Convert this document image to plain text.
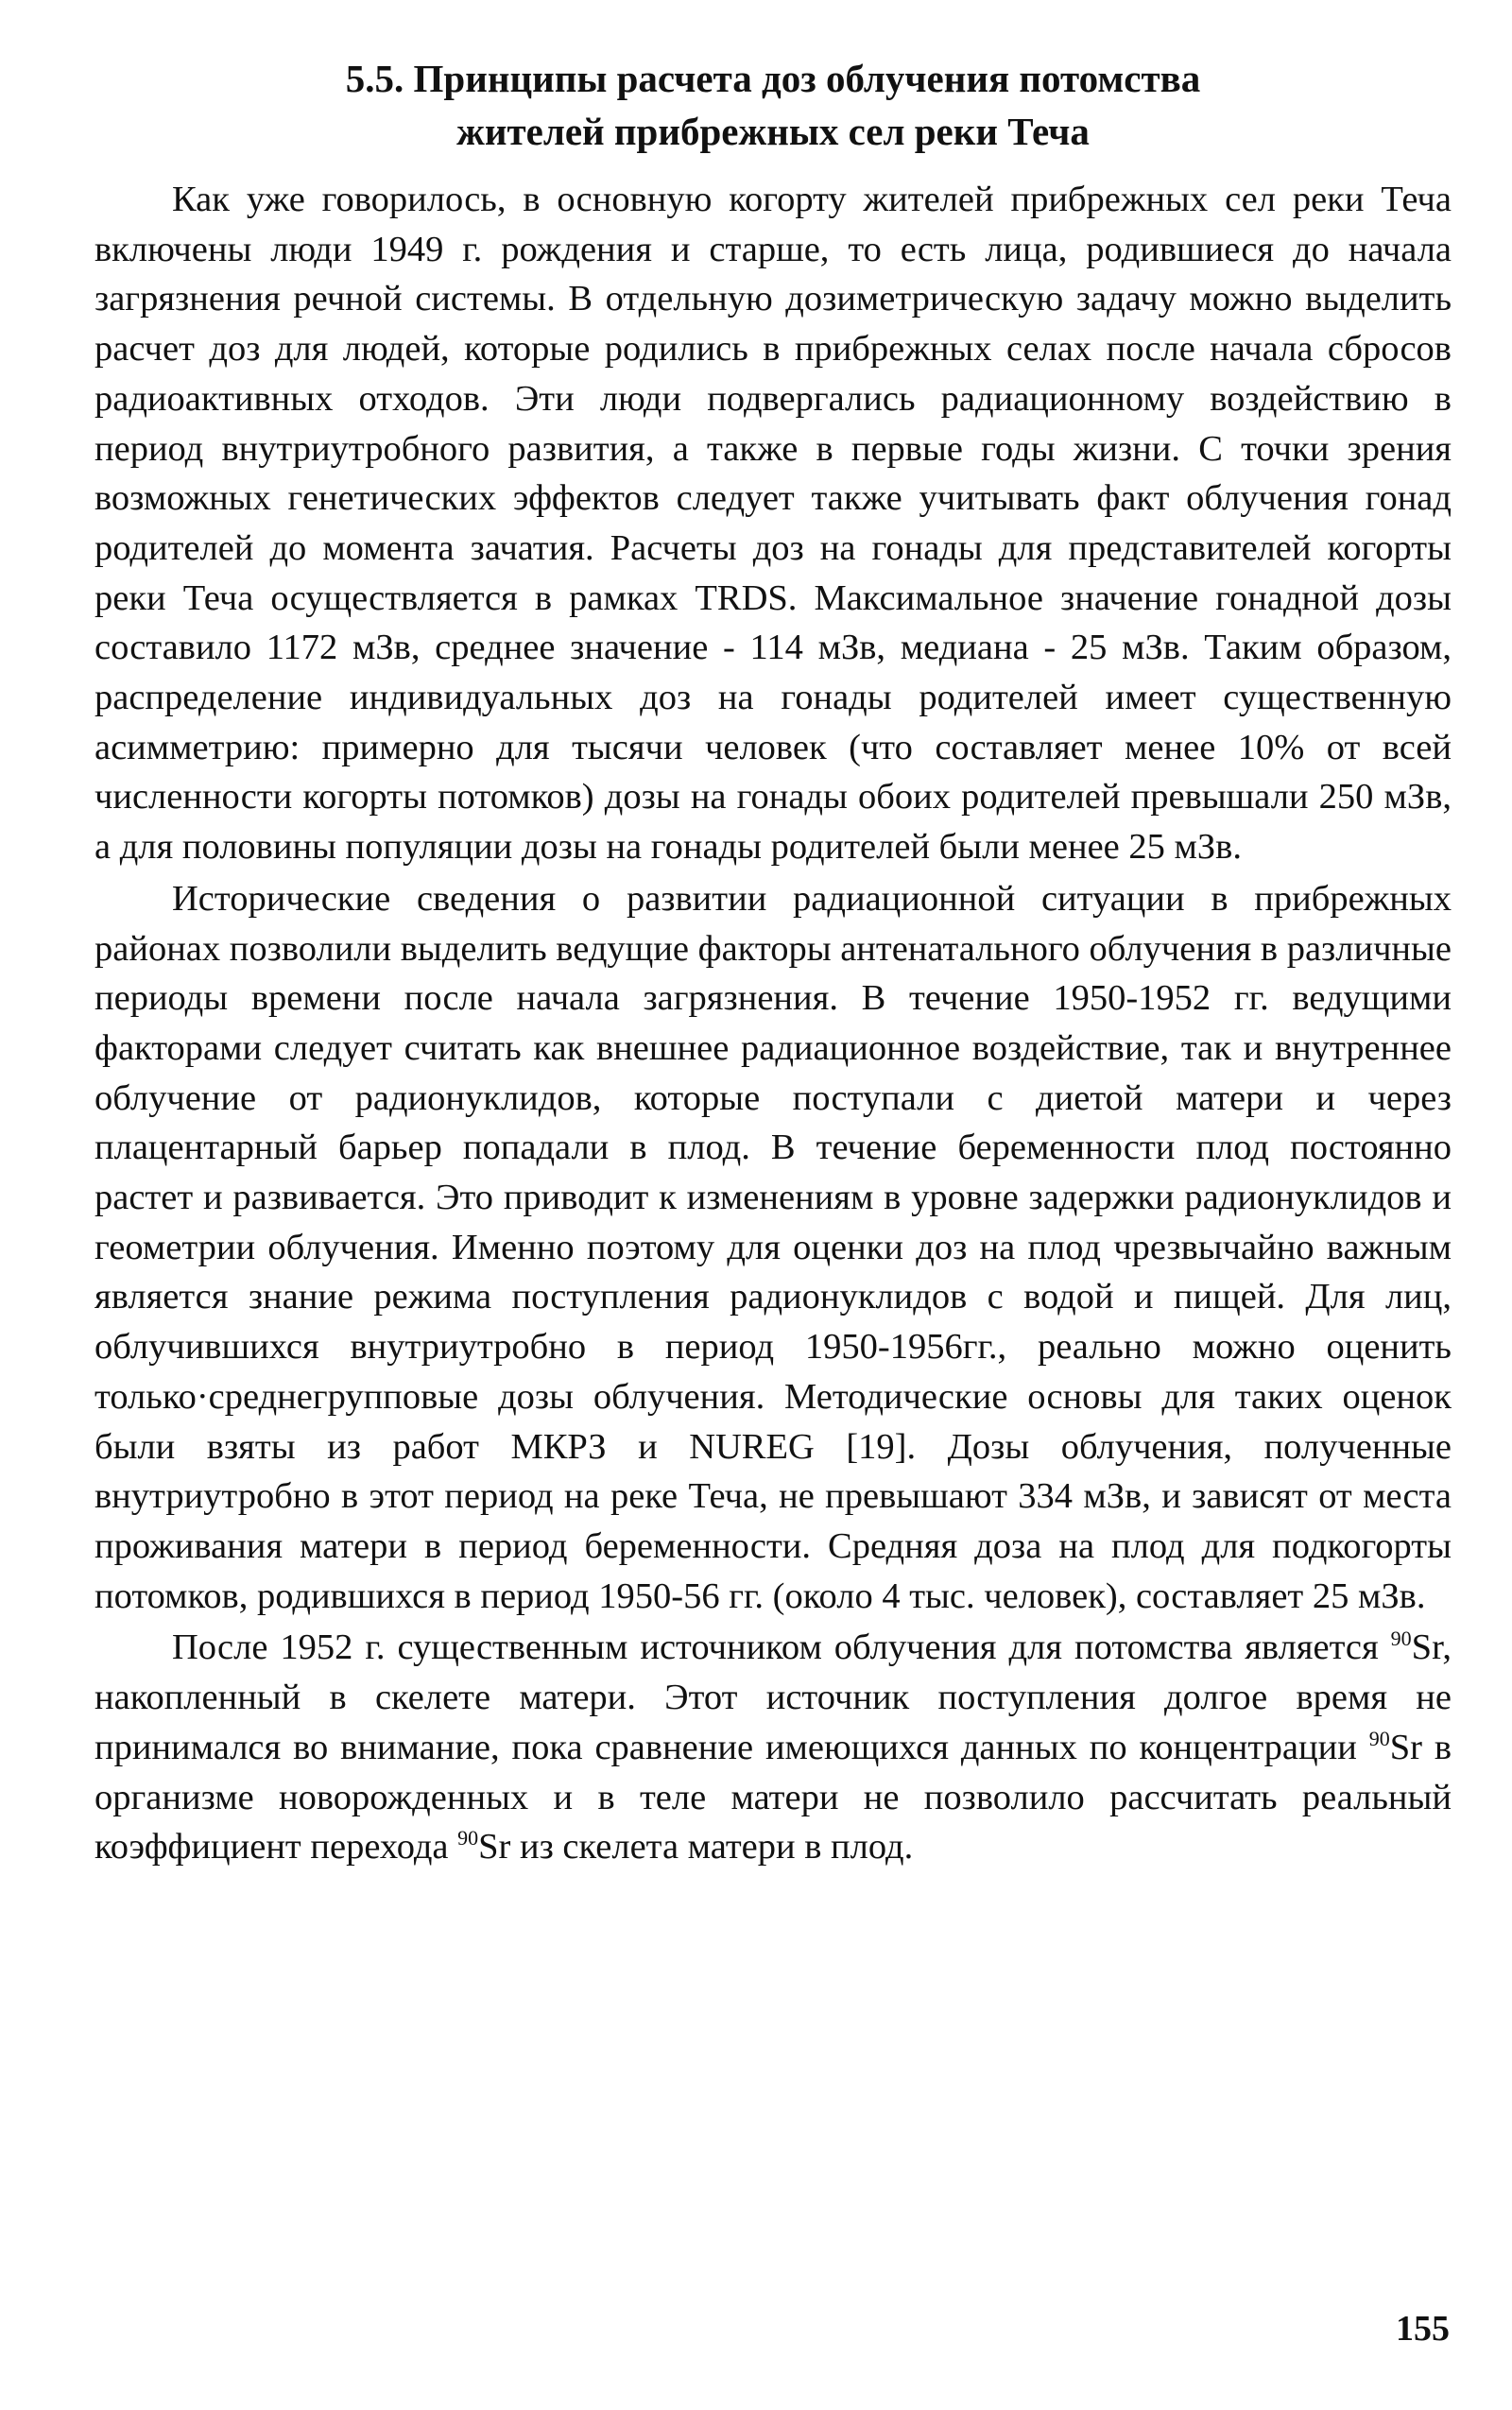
5.5. Принципы расчета доз облучения потомства
жителей прибрежных сел реки Теча

Как уже говорилось, в основную когорту жителей прибрежных сел реки Теча включены люди 1949 г. рождения и старше, то есть лица, родившиеся до начала загрязнения речной системы. В отдельную дозиметрическую задачу можно выделить расчет доз для людей, которые родились в прибрежных селах после начала сбросов радиоактивных отходов. Эти люди подвергались радиационному воздействию в период внутриутробного развития, а также в первые годы жизни. С точки зрения возможных генетических эффектов следует также учитывать факт облучения гонад родителей до момента зачатия. Расчеты доз на гонады для представителей когорты реки Теча осуществляется в рамках TRDS. Максимальное значение гонадной дозы составило 1172 мЗв, среднее значение - 114 мЗв, медиана - 25 мЗв. Таким образом, распределение индивидуальных доз на гонады родителей имеет существенную асимметрию: примерно для тысячи человек (что составляет менее 10% от всей численности когорты потомков) дозы на гонады обоих родителей превышали 250 мЗв, а для половины популяции дозы на гонады родителей были менее 25 мЗв.

Исторические сведения о развитии радиационной ситуации в прибрежных районах позволили выделить ведущие факторы антенатального облучения в различные периоды времени после начала загрязнения. В течение 1950-1952 гг. ведущими факторами следует считать как внешнее радиационное воздействие, так и внутреннее облучение от радионуклидов, которые поступали с диетой матери и через плацентарный барьер попадали в плод. В течение беременности плод постоянно растет и развивается. Это приводит к изменениям в уровне задержки радионуклидов и геометрии облучения. Именно поэтому для оценки доз на плод чрезвычайно важным является знание режима поступления радионуклидов с водой и пищей. Для лиц, облучившихся внутриутробно в период 1950-1956гг., реально можно оценить только·среднегрупповые дозы облучения. Методические основы для таких оценок были взяты из работ МКРЗ и NUREG [19]. Дозы облучения, полученные внутриутробно в этот период на реке Теча, не превышают 334 мЗв, и зависят от места проживания матери в период беременности. Средняя доза на плод для подкогорты потомков, родившихся в период 1950-56 гг. (около 4 тыс. человек), составляет 25 мЗв.

После 1952 г. существенным источником облучения для потомства является $^{90}$Sr, накопленный в скелете матери. Этот источник поступления долгое время не принимался во внимание, пока сравнение имеющихся данных по концентрации $^{90}$Sr в организме новорожденных и в теле матери не позволило рассчитать реальный коэффициент перехода $^{90}$Sr из скелета матери в плод.

155
